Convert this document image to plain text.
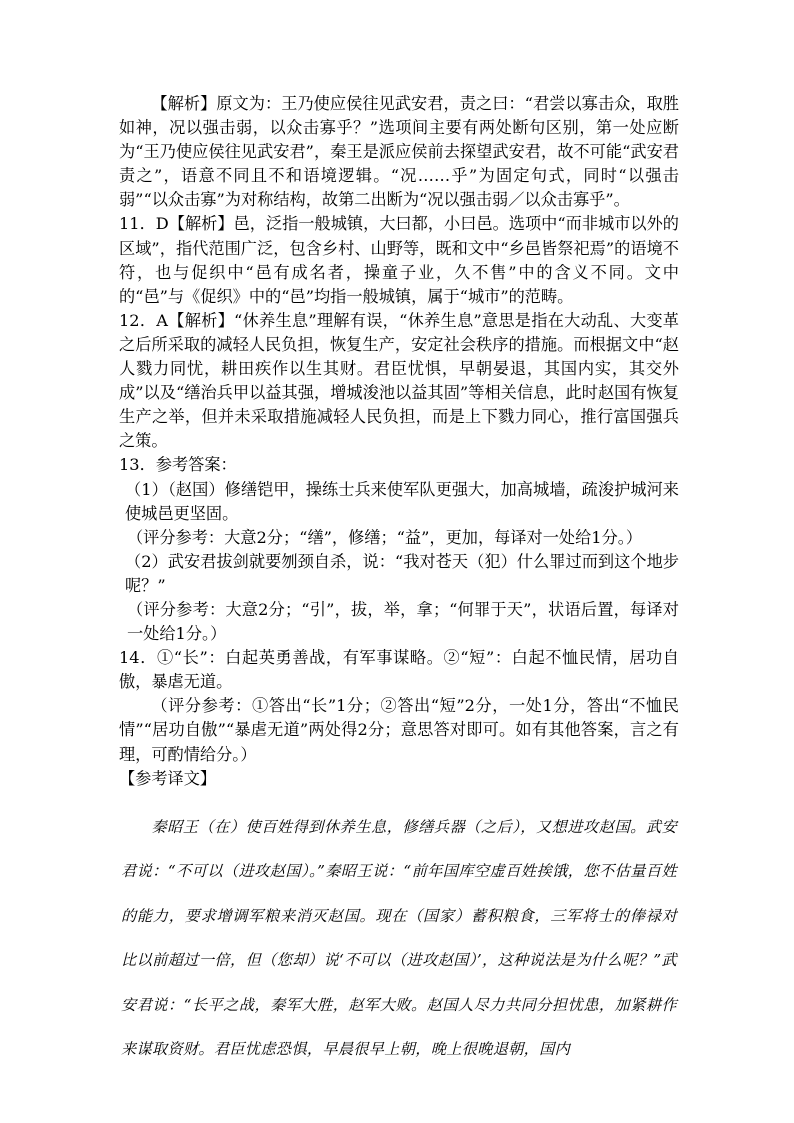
【解析】原文为：王乃使应侯往见武安君，责之曰：“君尝以寡击众，取胜如神，况以强击弱，以众击寡乎？”选项间主要有两处断句区别，第一处应断为“王乃使应侯往见武安君”，秦王是派应侯前去探望武安君，故不可能“武安君责之”，语意不同且不和语境逻辑。“况……乎”为固定句式，同时“以强击弱”“以众击寡”为对称结构，故第二出断为“况以强击弱／以众击寡乎”。

11．D【解析】邑，泛指一般城镇，大曰都，小曰邑。选项中“而非城市以外的区域”，指代范围广泛，包含乡村、山野等，既和文中“乡邑皆祭祀焉”的语境不符，也与促织中“邑有成名者，操童子业，久不售”中的含义不同。文中的“邑”与《促织》中的“邑”均指一般城镇，属于“城市”的范畴。

12．A【解析】“休养生息”理解有误，“休养生息”意思是指在大动乱、大变革之后所采取的减轻人民负担，恢复生产，安定社会秩序的措施。而根据文中“赵人戮力同忧，耕田疾作以生其财。君臣忧惧，早朝晏退，其国内实，其交外成”以及“缮治兵甲以益其强，增城浚池以益其固”等相关信息，此时赵国有恢复生产之举，但并未采取措施减轻人民负担，而是上下戮力同心，推行富国强兵之策。

13．参考答案：

（1）（赵国）修缮铠甲，操练士兵来使军队更强大，加高城墙，疏浚护城河来使城邑更坚固。

（评分参考：大意2分；“缮”，修缮；“益”，更加，每译对一处给1分。）

（2）武安君拔剑就要刎颈自杀，说：“我对苍天（犯）什么罪过而到这个地步呢？”

（评分参考：大意2分；“引”，拔，举，拿；“何罪于天”，状语后置，每译对一处给1分。）

14．①“长”：白起英勇善战，有军事谋略。②“短”：白起不恤民情，居功自傲，暴虐无道。

（评分参考：①答出“长”1分；②答出“短”2分，一处1分，答出“不恤民情”“居功自傲”“暴虐无道”两处得2分；意思答对即可。如有其他答案，言之有理，可酌情给分。）

【参考译文】

秦昭王（在）使百姓得到休养生息，修缮兵器（之后），又想进攻赵国。武安君说：“不可以（进攻赵国）。”秦昭王说：“前年国库空虚百姓挨饿，您不估量百姓的能力，要求增调军粮来消灭赵国。现在（国家）蓄积粮食，三军将士的俸禄对比以前超过一倍，但（您却）说‘不可以（进攻赵国）’，这种说法是为什么呢？”武安君说：“长平之战，秦军大胜，赵军大败。赵国人尽力共同分担忧患，加紧耕作来谋取资财。君臣忧虑恐惧，早晨很早上朝，晚上很晚退朝，国内
